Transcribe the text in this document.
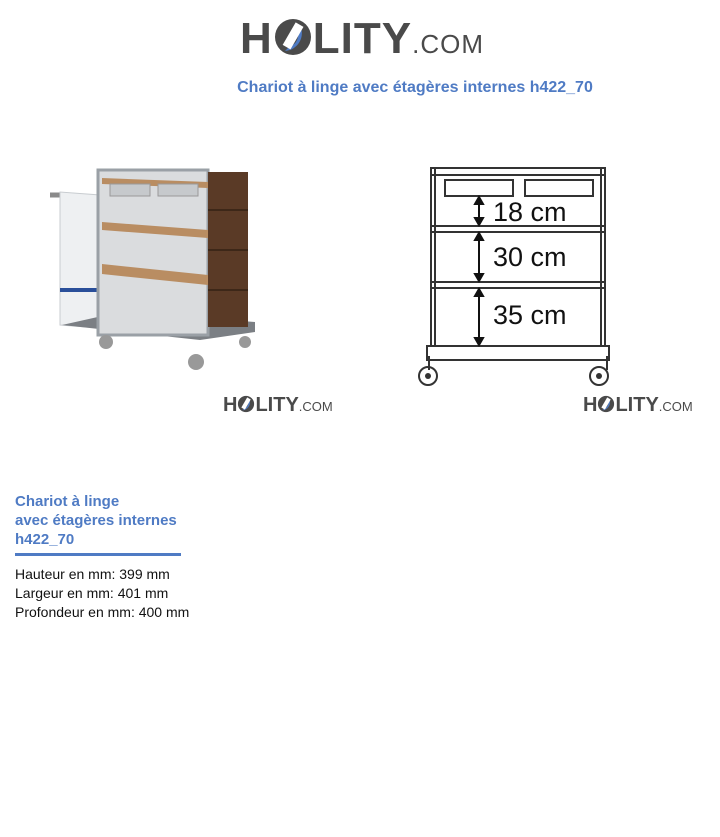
H LITY.COM
Chariot à linge avec étagères internes h422_70
18 cm
30 cm
35 cm
H LITY.COM	H LITY.COM
Chariot à linge
avec étagères internes
h422_70
Hauteur en mm: 399 mm
Largeur en mm: 401 mm
Profondeur en mm: 400 mm
